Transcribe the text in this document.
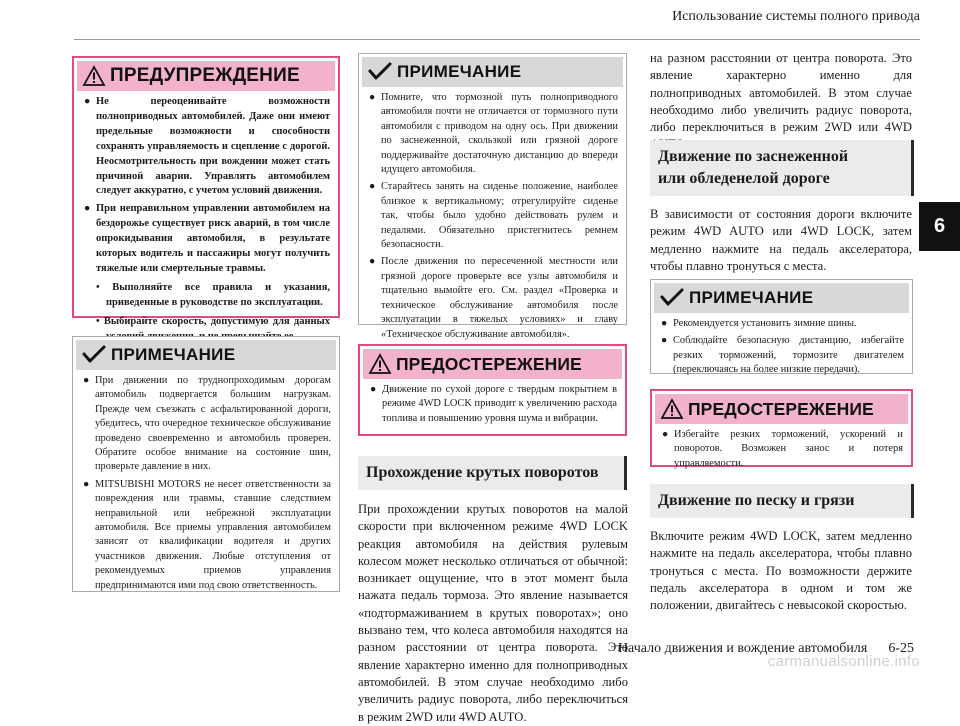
Использование системы полного привода
6
ПРЕДУПРЕЖДЕНИЕ
● Не переоценивайте возможности полноприводных автомобилей. Даже они имеют предельные возможности и способности сохранять управляемость и сцепление с дорогой. Неосмотрительность при вождении может стать причиной аварии. Управлять автомобилем следует аккуратно, с учетом условий движения.
● При неправильном управлении автомобилем на бездорожье существует риск аварий, в том числе опрокидывания автомобиля, в результате которых водитель и пассажиры могут получить тяжелые или смертельные травмы.
• Выполняйте все правила и указания, приведенные в руководстве по эксплуатации.
• Выбирайте скорость, допустимую для данных
ПРИМЕЧАНИЕ
● При движении по труднопроходимым дорогам автомобиль подвергается большим нагрузкам. Прежде чем съезжать с асфальтированной дороги, убедитесь, что очередное техническое обслуживание проведено своевременно и автомобиль проверен. Обратите особое внимание на состояние шин, проверьте давление в них.
● MITSUBISHI MOTORS не несет ответственности за повреждения или травмы, ставшие следствием неправильной или небрежной эксплуатации автомобиля. Все приемы управления автомобилем зависят от квалификации водителя и других участников движения. Любые отступления от рекомендуемых приемов управления предпринимаются ими под свою ответственность.
ПРИМЕЧАНИЕ
● Помните, что тормозной путь полноприводного автомобиля почти не отличается от тормозного пути автомобиля с приводом на одну ось. При движении по заснеженной, скользкой или грязной дороге поддерживайте достаточную дистанцию до впереди идущего автомобиля.
● Старайтесь занять на сиденье положение, наиболее близкое к вертикальному; отрегулируйте сиденье так, чтобы было удобно действовать рулем и педалями. Обязательно пристегнитесь ремнем безопасности.
● После движения по пересеченной местности или грязной дороге проверьте все узлы автомобиля и тщательно вымойте его. См. раздел «Проверка и техническое обслуживание автомобиля после эксплуатации в тяжелых условиях» и главу «Техническое обслуживание автомобиля».
ПРЕДОСТЕРЕЖЕНИЕ
● Движение по сухой дороге с твердым покрытием в режиме 4WD LOCK приводит к увеличению расхода топлива и повышению уровня шума и вибрации.
Прохождение крутых поворотов
При прохождении крутых поворотов на малой скорости при включенном режиме 4WD LOCK реакция автомобиля на действия рулевым колесом может несколько отличаться от обычной: возникает ощущение, что в этот момент была нажата педаль тормоза. Это явление называется «подтормаживанием в крутых поворотах»; оно вызвано тем, что колеса автомобиля находятся на разном расстоянии от центра поворота. Это явление характерно именно для полноприводных автомобилей. В этом случае необходимо либо увеличить радиус поворота, либо переключиться в режим 2WD или 4WD AUTO.
на разном расстоянии от центра поворота. Это явление характерно именно для полноприводных автомобилей. В этом случае необходимо либо увеличить радиус поворота, либо переключиться в режим 2WD или 4WD
Движение по заснеженной
или обледенелой дороге
В зависимости от состояния дороги включите режим 4WD AUTO или 4WD LOCK, затем медленно нажмите на педаль акселератора, чтобы плавно тронуться с места.
ПРИМЕЧАНИЕ
● Рекомендуется установить зимние шины.
● Соблюдайте безопасную дистанцию, избегайте резких торможений, тормозите двигателем (переключаясь на более низкие передачи).
ПРЕДОСТЕРЕЖЕНИЕ
● Избегайте резких торможений, ускорений и поворотов. Возможен занос и потеря управляемости.
Движение по песку и грязи
Включите режим 4WD LOCK, затем медленно нажмите на педаль акселератора, чтобы плавно тронуться с места. По возможности держите педаль акселератора в одном и том же положении, двигайтесь с невысокой скоростью.
Начало движения и вождение автомобиля 6-25
carmanualsonline.info
